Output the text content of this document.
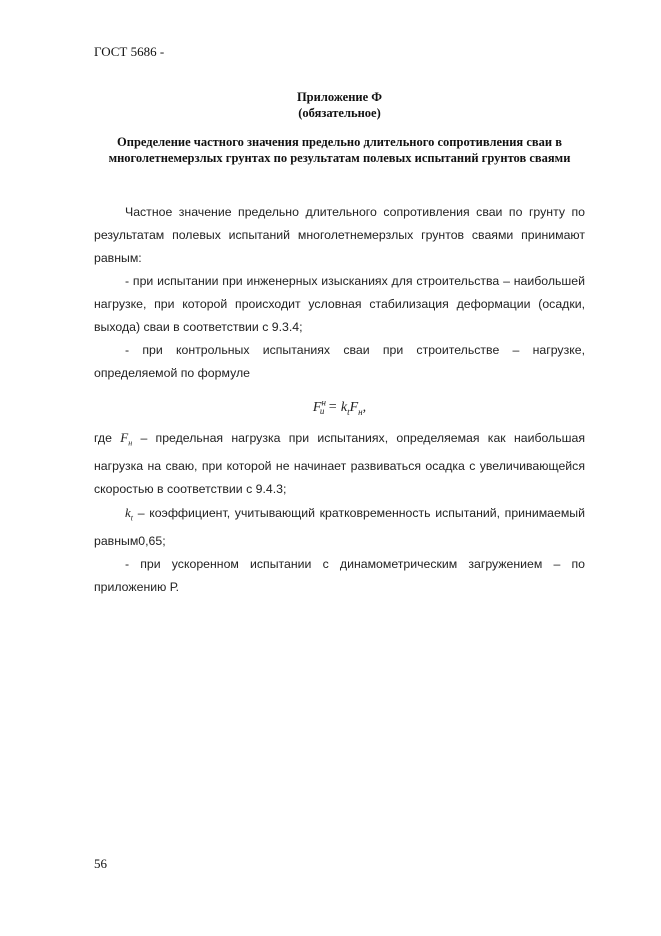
ГОСТ 5686 -
Приложение Ф
(обязательное)
Определение частного значения предельно длительного сопротивления сваи в многолетнемерзлых грунтах по результатам полевых испытаний грунтов сваями

Частное значение предельно длительного сопротивления сваи по грунту по результатам полевых испытаний многолетнемерзлых грунтов сваями принимают равным:

- при испытании при инженерных изысканиях для строительства – наибольшей нагрузке, при которой происходит условная стабилизация деформации (осадки, выхода) сваи в соответствии с 9.3.4;

- при контрольных испытаниях сваи при строительстве – нагрузке, определяемой по формуле

$F^н_и = k_tF_н$,

где $F_н$ – предельная нагрузка при испытаниях, определяемая как наибольшая нагрузка на сваю, при которой не начинает развиваться осадка с увеличивающейся скоростью в соответствии с 9.4.3;

$k_t$ – коэффициент, учитывающий кратковременность испытаний, принимаемый равным0,65;

- при ускоренном испытании с динамометрическим загружением – по приложению Р.

56
